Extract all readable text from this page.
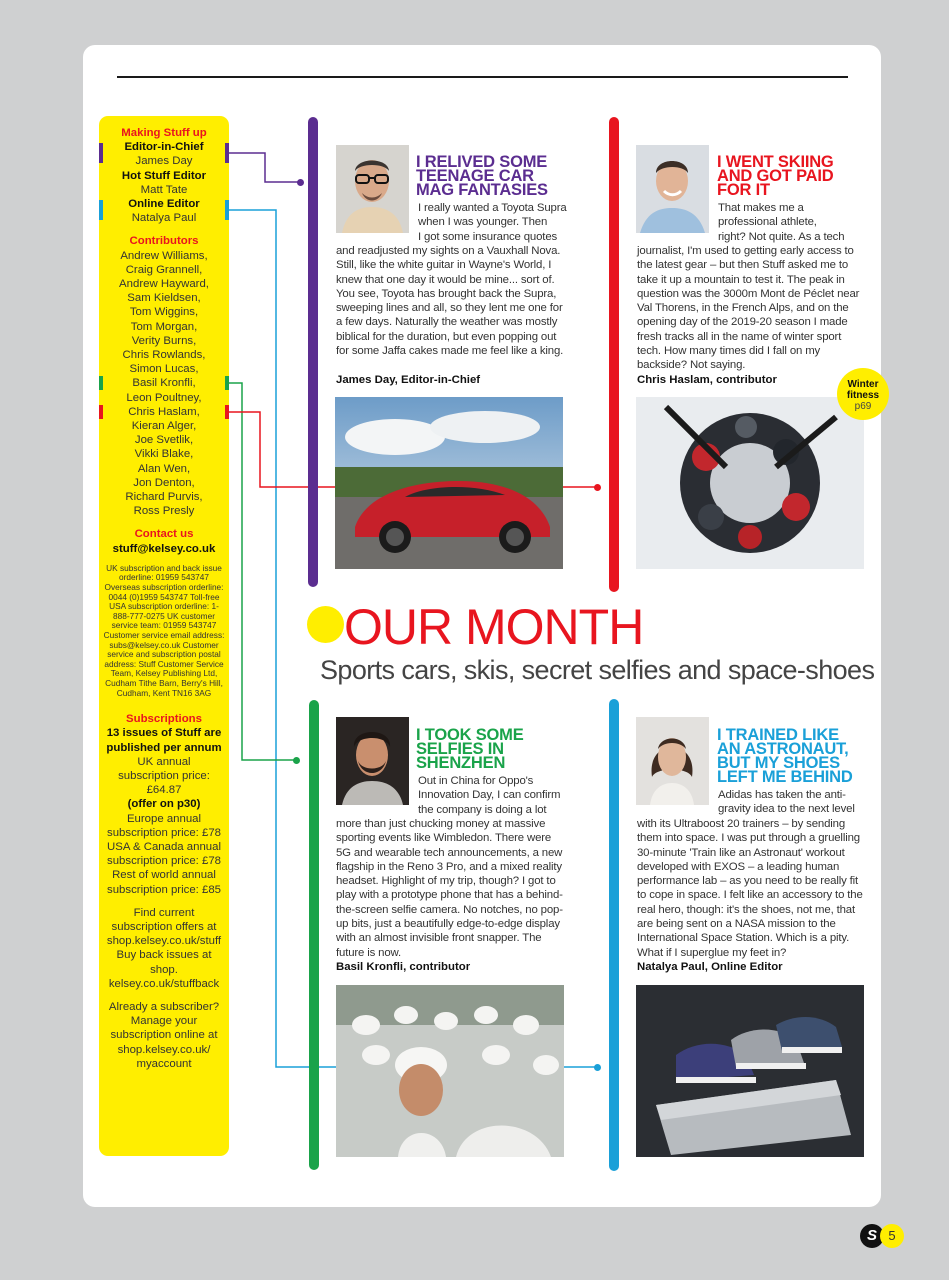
Making Stuff up
Editor-in-Chief
James Day
Hot Stuff Editor
Matt Tate
Online Editor
Natalya Paul
Contributors
Andrew Williams,
Craig Grannell,
Andrew Hayward,
Sam Kieldsen,
Tom Wiggins,
Tom Morgan,
Verity Burns,
Chris Rowlands,
Simon Lucas,
Basil Kronfli,
Leon Poultney,
Chris Haslam,
Kieran Alger,
Joe Svetlik,
Vikki Blake,
Alan Wen,
Jon Denton,
Richard Purvis,
Ross Presly
Contact us
stuff@kelsey.co.uk
UK subscription and back issue orderline: 01959 543747 Overseas subscription orderline: 0044 (0)1959 543747 Toll-free USA subscription orderline: 1-888-777-0275 UK customer service team: 01959 543747 Customer service email address: subs@kelsey.co.uk Customer service and subscription postal address: Stuff Customer Service Team, Kelsey Publishing Ltd, Cudham Tithe Barn, Berry's Hill, Cudham, Kent TN16 3AG
Subscriptions
13 issues of Stuff are published per annum
UK annual subscription price: £64.87
(offer on p30)
Europe annual subscription price: £78
USA & Canada annual subscription price: £78
Rest of world annual subscription price: £85
Find current subscription offers at shop.kelsey.co.uk/stuff Buy back issues at shop. kelsey.co.uk/stuffback
Already a subscriber? Manage your subscription online at shop.kelsey.co.uk/ myaccount
I RELIVED SOME
TEENAGE CAR
MAG FANTASIES
I really wanted a Toyota Supra
when I was younger. Then
I got some insurance quotes
and readjusted my sights on a Vauxhall Nova. Still, like the white guitar in Wayne's World, I knew that one day it would be mine... sort of. You see, Toyota has brought back the Supra, sweeping lines and all, so they lent me one for a few days. Naturally the weather was mostly biblical for the duration, but even popping out for some Jaffa cakes made me feel like a king.
James Day, Editor-in-Chief
I WENT SKIING
AND GOT PAID
FOR IT
That makes me a
professional athlete,
right? Not quite. As a tech
journalist, I'm used to getting early access to the latest gear – but then Stuff asked me to take it up a mountain to test it. The peak in question was the 3000m Mont de Péclet near Val Thorens, in the French Alps, and on the opening day of the 2019-20 season I made fresh tracks all in the name of winter sport tech. How many times did I fall on my backside? Not saying.
Chris Haslam, contributor	Winter fitness
p69
OUR MONTH
Sports cars, skis, secret selfies and space-shoes
I TOOK SOME
SELFIES IN
SHENZHEN
Out in China for Oppo's
Innovation Day, I can confirm
the company is doing a lot
more than just chucking money at massive sporting events like Wimbledon. There were 5G and wearable tech announcements, a new flagship in the Reno 3 Pro, and a mixed reality headset. Highlight of my trip, though? I got to play with a prototype phone that has a behind-the-screen selfie camera. No notches, no pop-up bits, just a beautifully edge-to-edge display with an almost invisible front snapper. The future is now.
Basil Kronfli, contributor
I TRAINED LIKE
AN ASTRONAUT,
BUT MY SHOES
LEFT ME BEHIND
Adidas has taken the anti-
gravity idea to the next level
with its Ultraboost 20 trainers – by sending them into space. I was put through a gruelling 30-minute 'Train like an Astronaut' workout developed with EXOS – a leading human performance lab – as you need to be really fit to cope in space. I felt like an accessory to the real hero, though: it's the shoes, not me, that are being sent on a NASA mission to the International Space Station. Which is a pity. What if I superglue my feet in?
Natalya Paul, Online Editor
S 5
